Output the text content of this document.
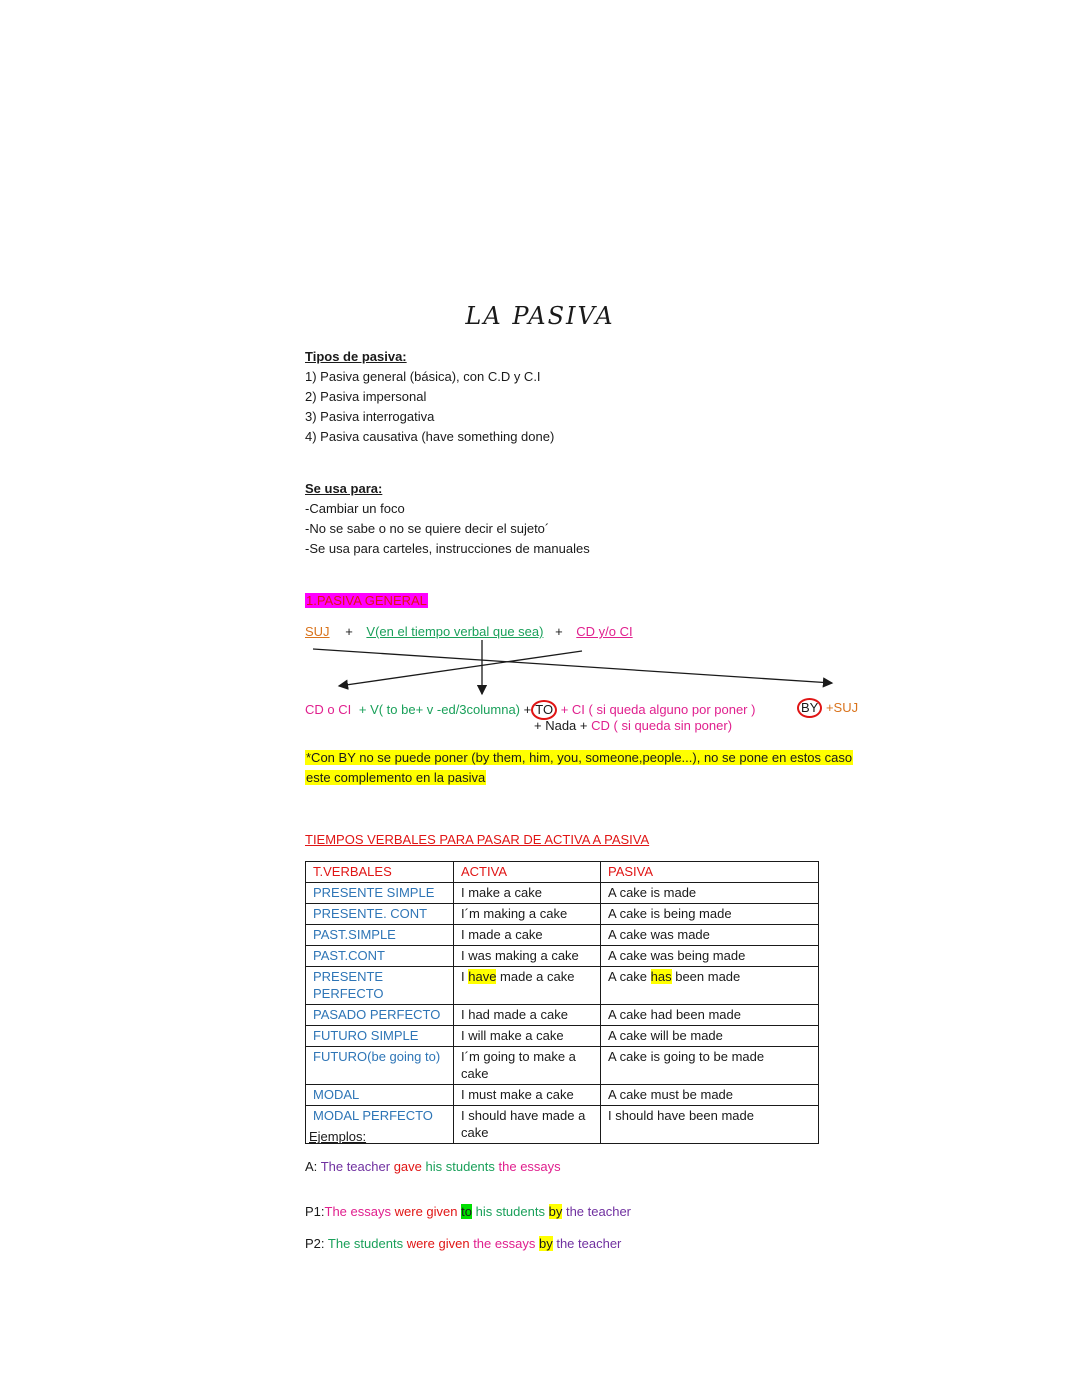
LA PASIVA
Tipos de pasiva:
1) Pasiva general (básica), con C.D y C.I
2) Pasiva impersonal
3) Pasiva interrogativa
4) Pasiva causativa (have something done)
Se usa para:
-Cambiar un foco
-No se sabe o no se quiere decir el sujeto´
-Se usa para carteles, instrucciones de manuales
1.PASIVA GENERAL
SUJ + V(en el tiempo verbal que sea) + CD y/o CI
CD o CI + V( to be+ v -ed/3columna) + TO + CI ( si queda alguno por poner )	BY +SUJ
+ Nada + CD ( si queda sin poner)
*Con BY no se puede poner (by them, him, you, someone,people...), no se pone en estos caso
este complemento en la pasiva
TIEMPOS VERBALES PARA PASAR DE ACTIVA A PASIVA
T.VERBALES	ACTIVA	PASIVA
PRESENTE SIMPLE	I make a cake	A cake is made
PRESENTE. CONT	I´m making a cake	A cake is being made
PAST.SIMPLE	I made a cake	A cake was made
PAST.CONT	I was making a cake	A cake was being made
PRESENTE PERFECTO	I have made a cake	A cake has been made
PASADO PERFECTO	I had made a cake	A cake had been made
FUTURO SIMPLE	I will make a cake	A cake will be made
FUTURO(be going to)	I´m going to make a cake	A cake is going to be made
MODAL	I must make a cake	A cake must be made
MODAL PERFECTO	I should have made a cake	I should have been made
Ejemplos:
A: The teacher gave his students the essays
P1:The essays were given to his students by the teacher
P2: The students were given the essays by the teacher
